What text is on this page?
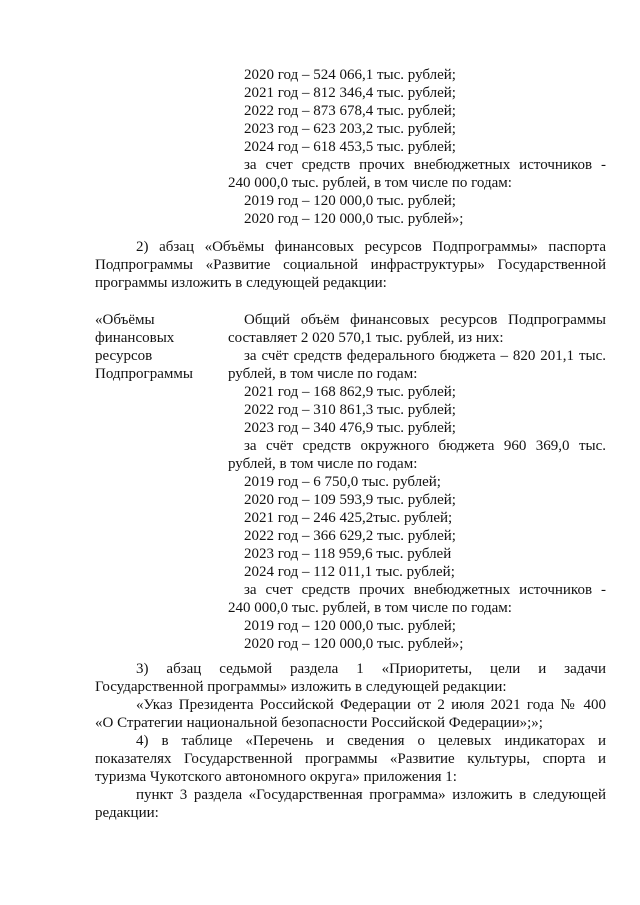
2020 год – 524 066,1 тыс. рублей;
2021 год – 812 346,4 тыс. рублей;
2022 год – 873 678,4 тыс. рублей;
2023 год – 623 203,2 тыс. рублей;
2024 год – 618 453,5 тыс. рублей;
за счет средств прочих внебюджетных источников -
240 000,0 тыс. рублей, в том числе по годам:
2019 год – 120 000,0 тыс. рублей;
2020 год – 120 000,0 тыс. рублей»;
2) абзац «Объёмы финансовых ресурсов Подпрограммы» паспорта
Подпрограммы «Развитие социальной инфраструктуры» Государственной
программы изложить в следующей редакции:
«Объёмы
финансовых
ресурсов
Подпрограммы
Общий объём финансовых ресурсов Подпрограммы
составляет 2 020 570,1 тыс. рублей, из них:
за счёт средств федерального бюджета – 820 201,1 тыс.
рублей, в том числе по годам:
2021 год – 168 862,9 тыс. рублей;
2022 год – 310 861,3 тыс. рублей;
2023 год – 340 476,9 тыс. рублей;
за счёт средств окружного бюджета 960 369,0 тыс.
рублей, в том числе по годам:
2019 год – 6 750,0 тыс. рублей;
2020 год – 109 593,9 тыс. рублей;
2021 год – 246 425,2тыс. рублей;
2022 год – 366 629,2 тыс. рублей;
2023 год – 118 959,6 тыс. рублей
2024 год – 112 011,1 тыс. рублей;
за счет средств прочих внебюджетных источников -
240 000,0 тыс. рублей, в том числе по годам:
2019 год – 120 000,0 тыс. рублей;
2020 год – 120 000,0 тыс. рублей»;
3) абзац седьмой раздела 1 «Приоритеты, цели и задачи
Государственной программы» изложить в следующей редакции:
«Указ Президента Российской Федерации от 2 июля 2021 года № 400
«О Стратегии национальной безопасности Российской Федерации»;»;
4) в таблице «Перечень и сведения о целевых индикаторах и
показателях Государственной программы «Развитие культуры, спорта и
туризма Чукотского автономного округа» приложения 1:
пункт 3 раздела «Государственная программа» изложить в следующей
редакции:
